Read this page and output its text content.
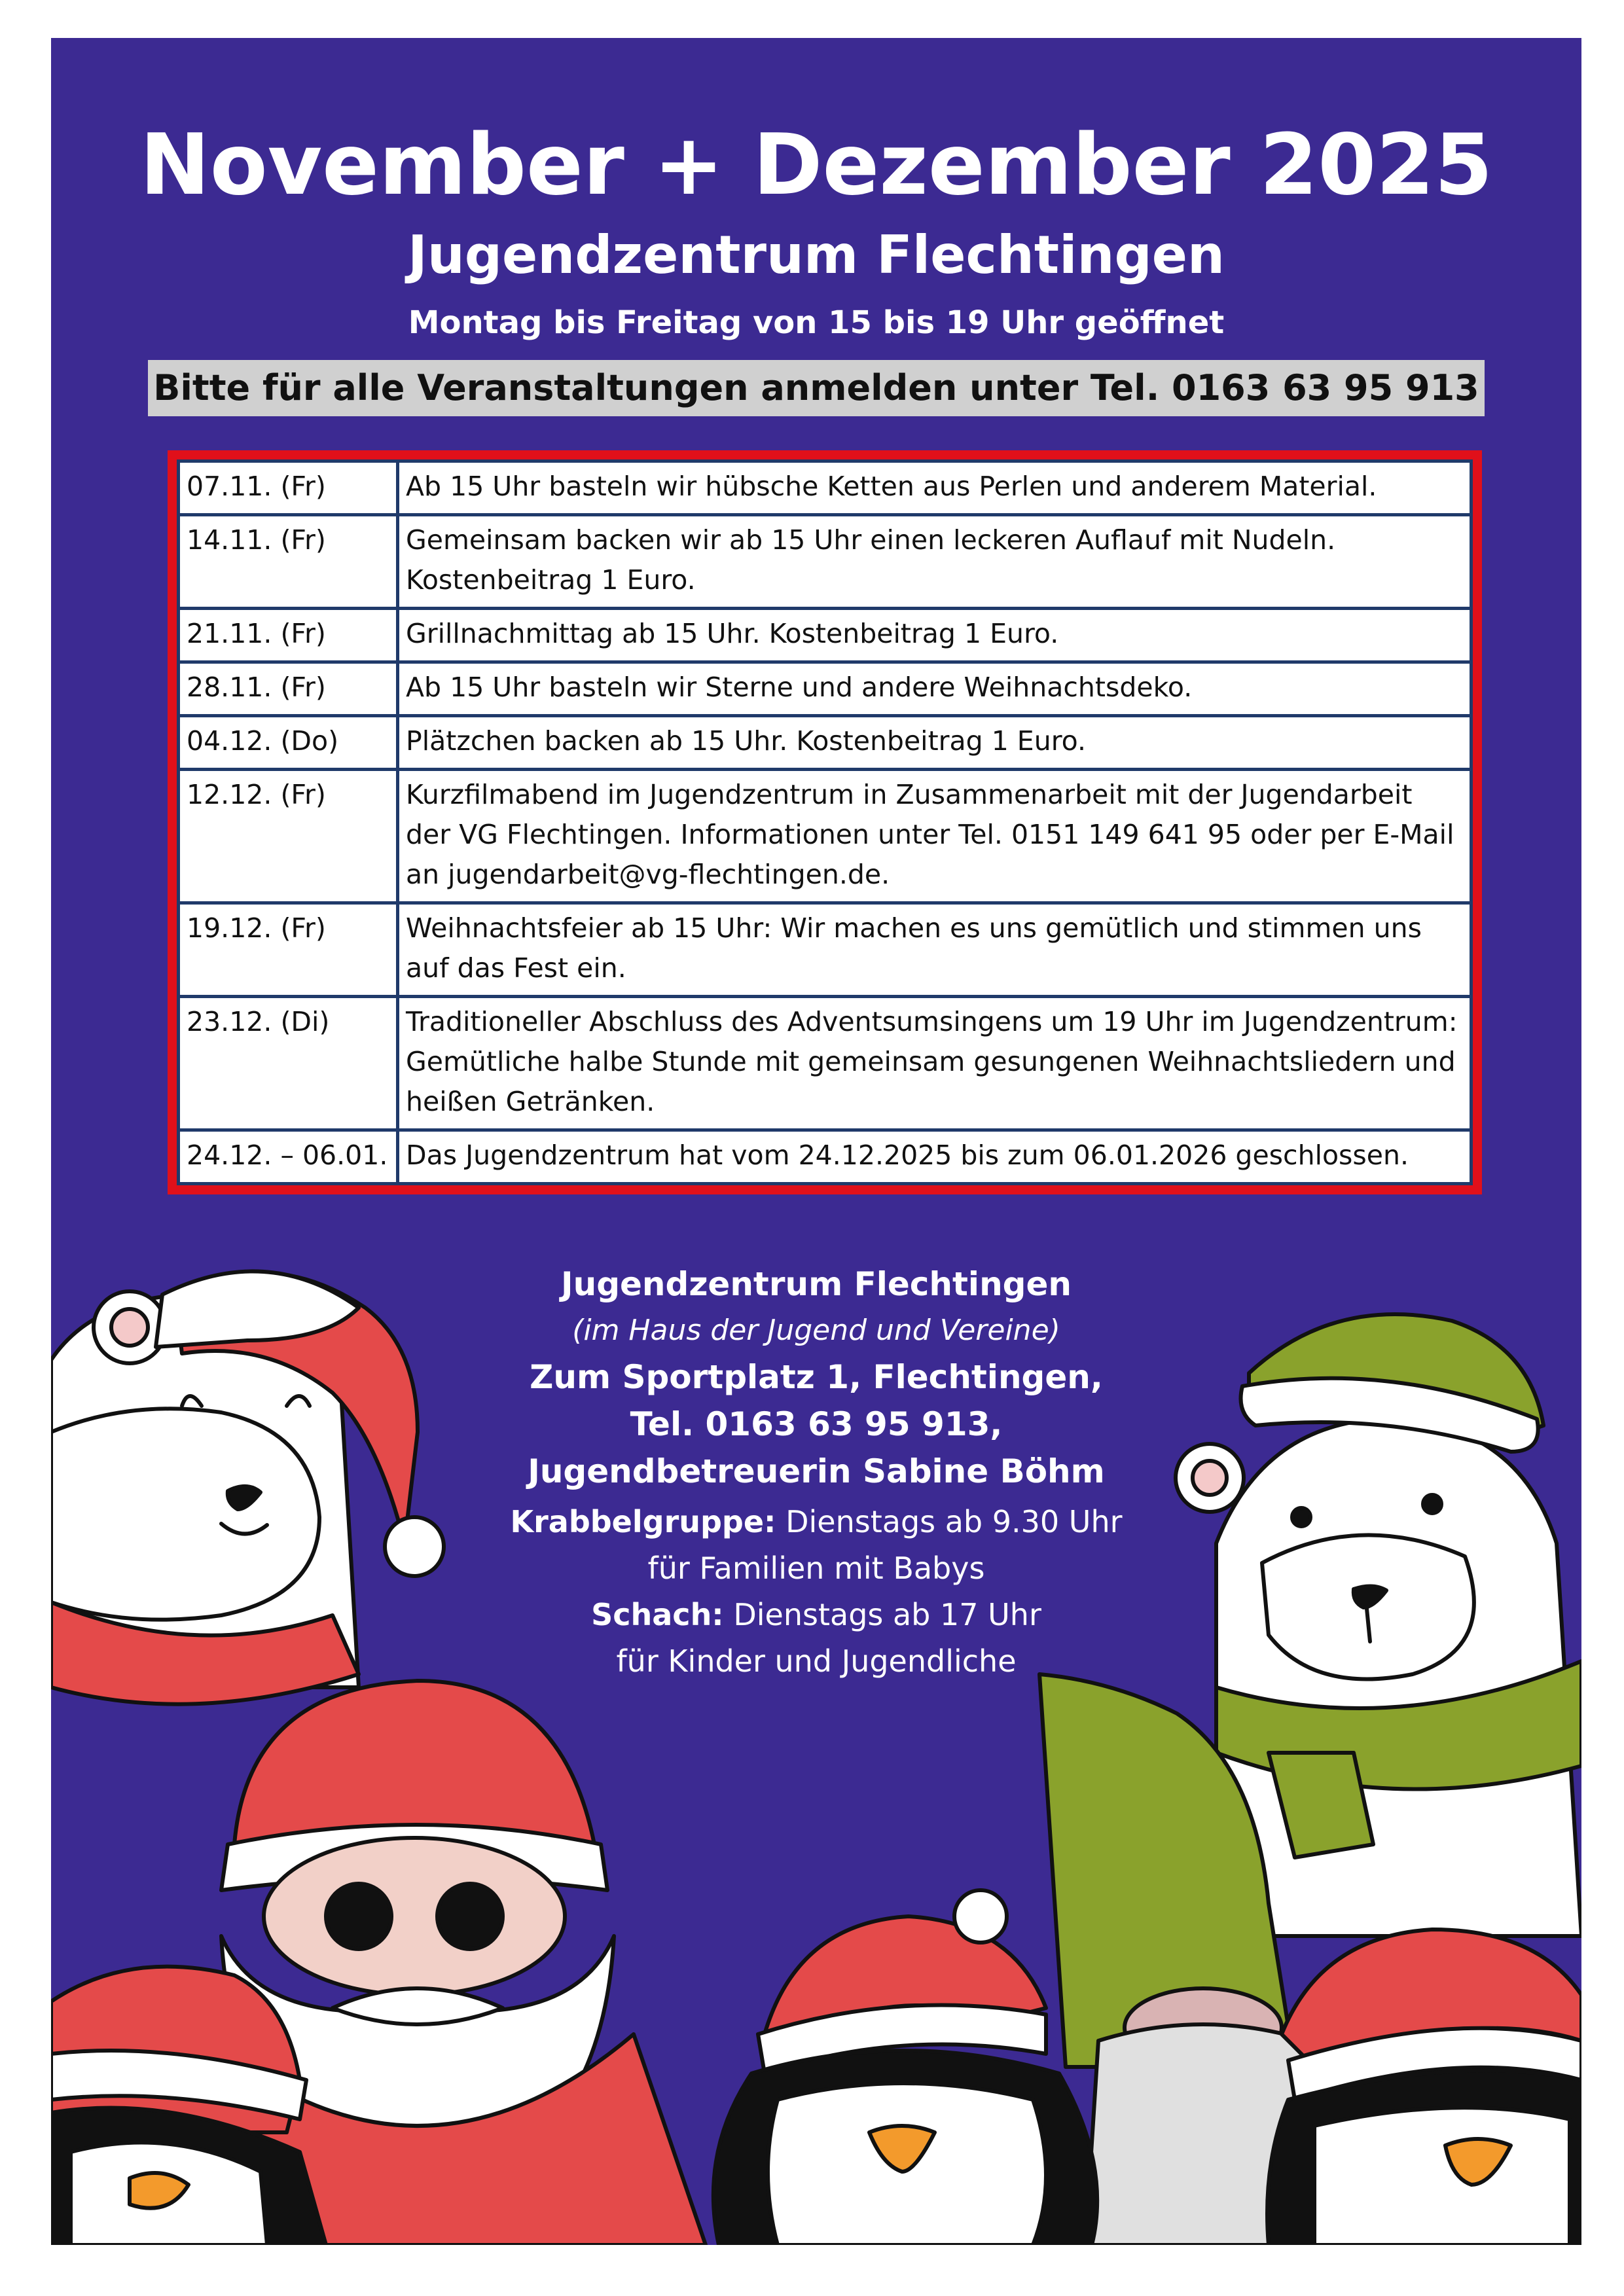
November + Dezember 2025
Jugendzentrum Flechtingen
Montag bis Freitag von 15 bis 19 Uhr geöffnet
Bitte für alle Veranstaltungen anmelden unter Tel. 0163 63 95 913
07.11. (Fr)	Ab 15 Uhr basteln wir hübsche Ketten aus Perlen und anderem Material.
14.11. (Fr)	Gemeinsam backen wir ab 15 Uhr einen leckeren Auflauf mit Nudeln.
Kostenbeitrag 1 Euro.
21.11. (Fr)	Grillnachmittag ab 15 Uhr. Kostenbeitrag 1 Euro.
28.11. (Fr)	Ab 15 Uhr basteln wir Sterne und andere Weihnachtsdeko.
04.12. (Do)	Plätzchen backen ab 15 Uhr. Kostenbeitrag 1 Euro.
12.12. (Fr)	Kurzfilmabend im Jugendzentrum in Zusammenarbeit mit der Jugendarbeit der VG Flechtingen. Informationen unter Tel. 0151 149 641 95 oder per E-Mail an jugendarbeit@vg-flechtingen.de.
19.12. (Fr)	Weihnachtsfeier ab 15 Uhr: Wir machen es uns gemütlich und stimmen uns auf das Fest ein.
23.12. (Di)	Traditioneller Abschluss des Adventsumsingens um 19 Uhr im Jugendzentrum: Gemütliche halbe Stunde mit gemeinsam gesungenen Weihnachtsliedern und heißen Getränken.
24.12. – 06.01.	Das Jugendzentrum hat vom 24.12.2025 bis zum 06.01.2026 geschlossen.
Jugendzentrum Flechtingen
(im Haus der Jugend und Vereine)
Zum Sportplatz 1, Flechtingen,
Tel. 0163 63 95 913,
Jugendbetreuerin Sabine Böhm
Krabbelgruppe: Dienstags ab 9.30 Uhr
für Familien mit Babys
Schach: Dienstags ab 17 Uhr
für Kinder und Jugendliche
